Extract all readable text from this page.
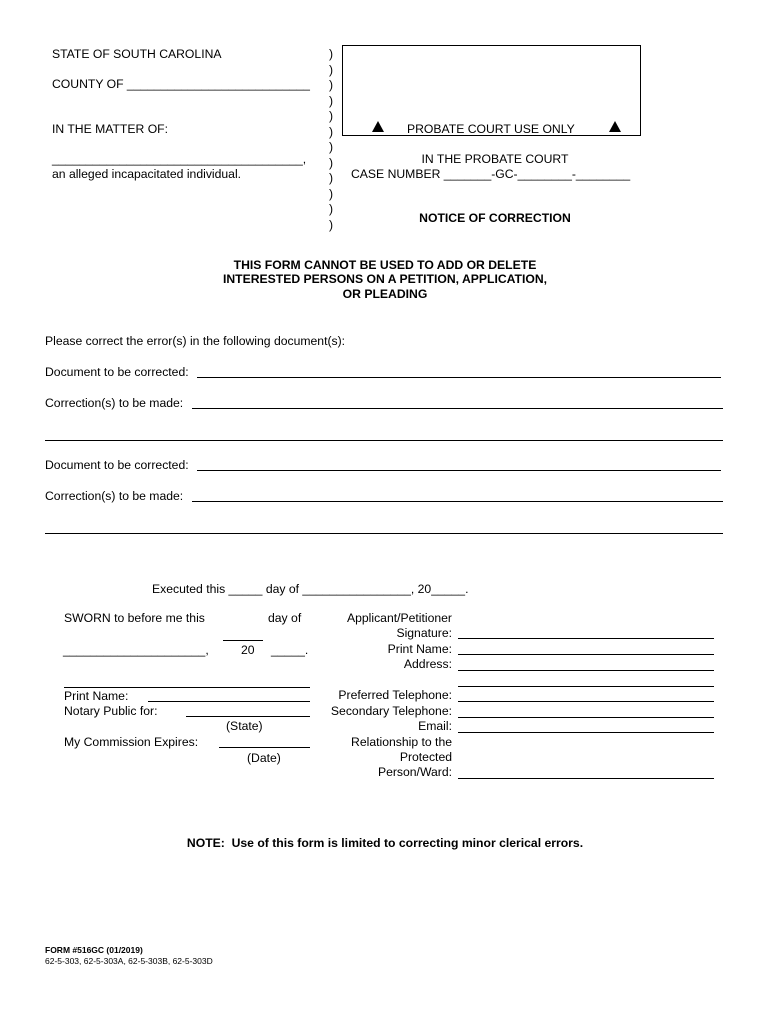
STATE OF SOUTH CAROLINA
COUNTY OF ___________________________
IN THE MATTER OF:
_____________________________________,
an alleged incapacitated individual.
)
)
)
)
)
)
)
)
)
)
)
)
PROBATE COURT USE ONLY
IN THE PROBATE COURT
CASE NUMBER _______-GC-________-________
NOTICE OF CORRECTION
THIS FORM CANNOT BE USED TO ADD OR DELETE
INTERESTED PERSONS ON A PETITION, APPLICATION,
OR PLEADING
Please correct the error(s) in the following document(s):
Document to be corrected:
Correction(s) to be made:
Document to be corrected:
Correction(s) to be made:
Executed this _____ day of ________________, 20_____.
SWORN to before me this	day of
_____________________,	20 _____.
Print Name:
Notary Public for:
(State)
My Commission Expires:
(Date)
Applicant/Petitioner
Signature:
Print Name:
Address:
Preferred Telephone:
Secondary Telephone:
Email:
Relationship to the
Protected
Person/Ward:
NOTE:  Use of this form is limited to correcting minor clerical errors.
FORM #516GC (01/2019)
62-5-303, 62-5-303A, 62-5-303B, 62-5-303D
